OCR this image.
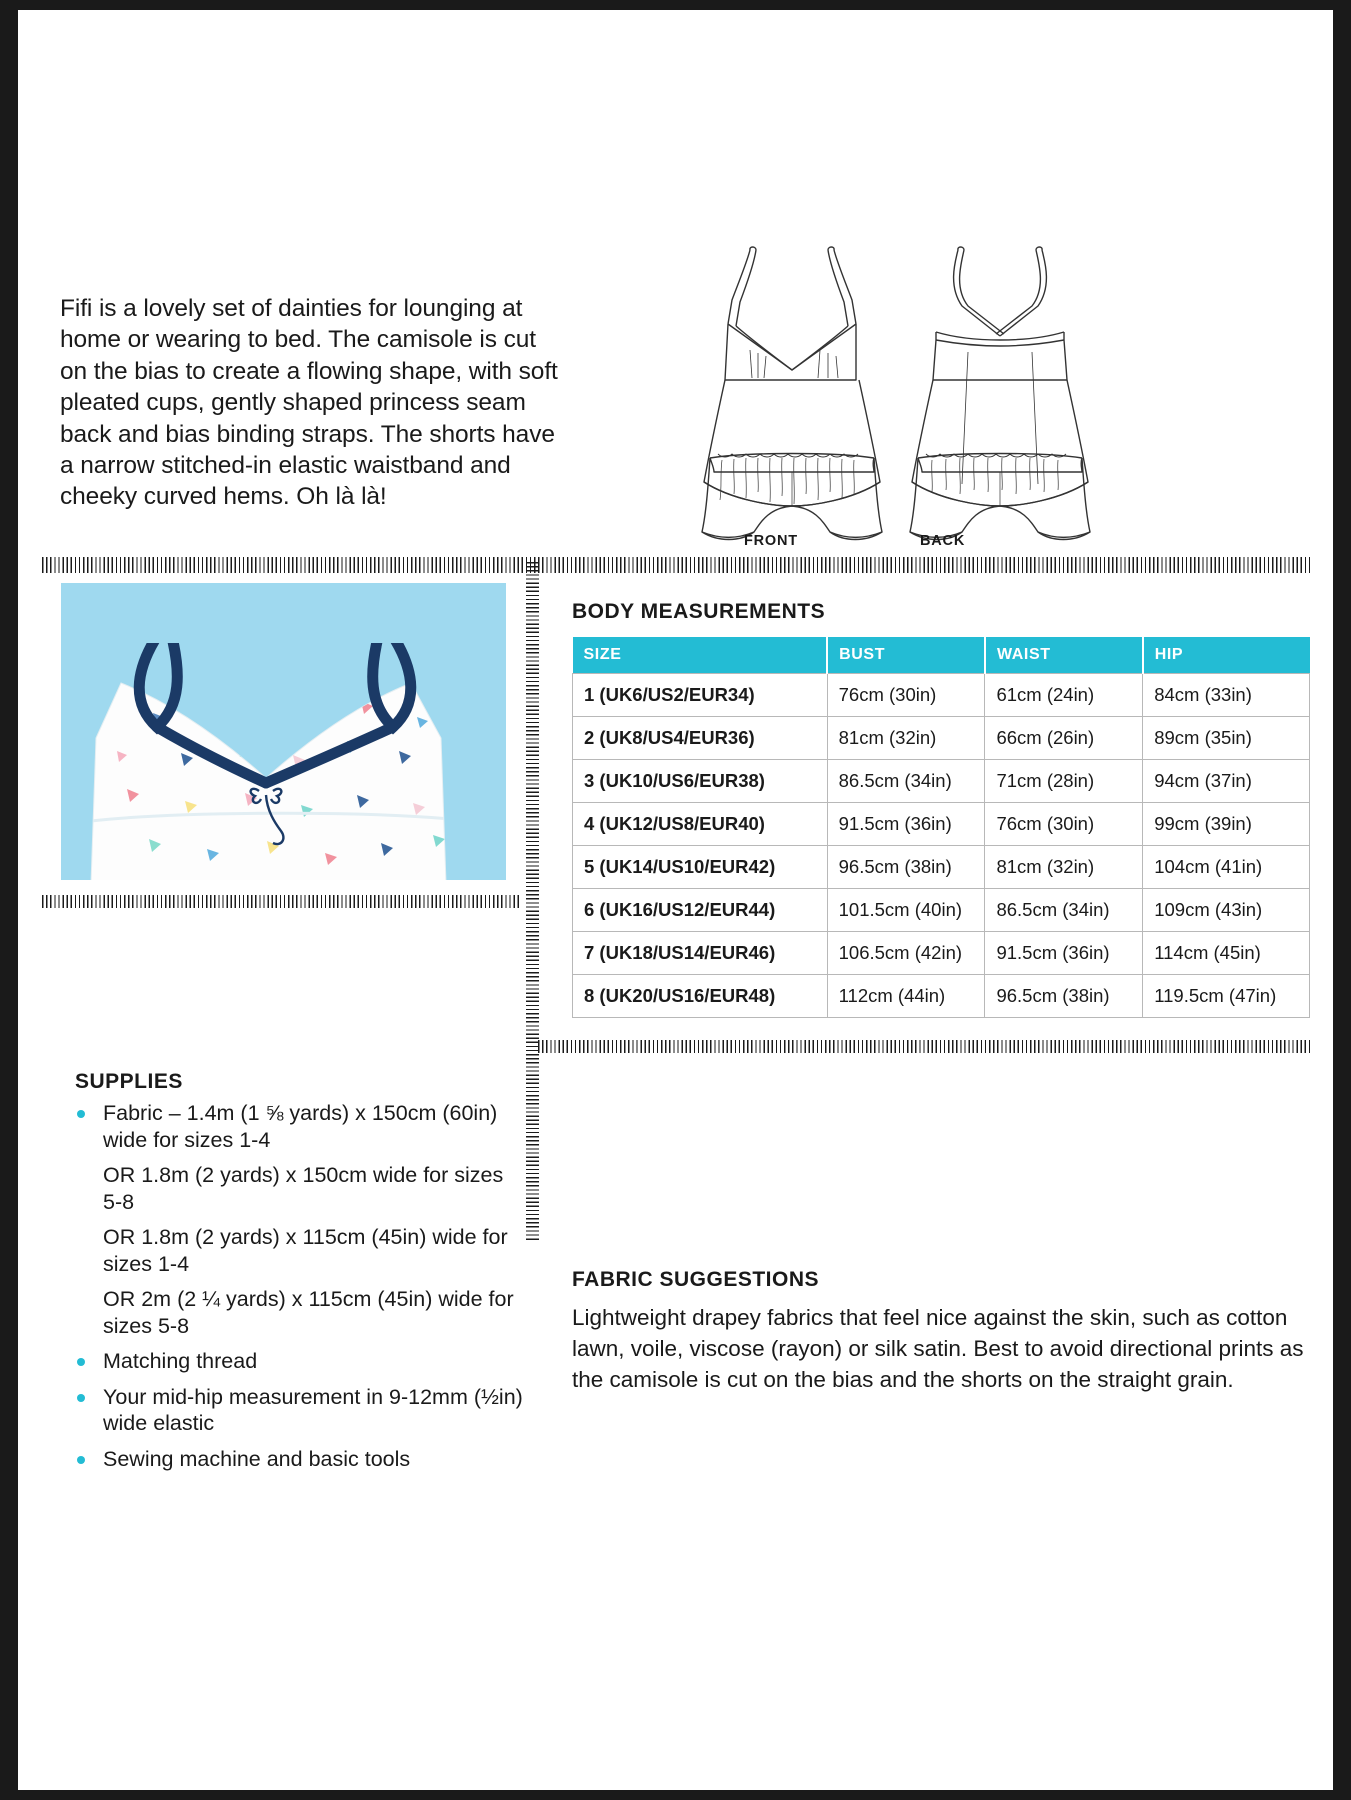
Fifi is a lovely set of dainties for lounging at home or wearing to bed. The camisole is cut on the bias to create a flowing shape, with soft pleated cups, gently shaped princess seam back and bias binding straps. The shorts have a narrow stitched-in elastic waistband and cheeky curved hems. Oh là là!

FRONT	BACK
SUPPLIES
Fabric – 1.4m (1 ⅝ yards) x 150cm (60in) wide for sizes 1-4
OR 1.8m (2 yards) x 150cm wide for sizes 5-8
OR 1.8m (2 yards) x 115cm (45in) wide for sizes 1-4
OR 2m (2 ¼ yards) x 115cm (45in) wide for sizes 5-8
Matching thread
Your mid-hip measurement in 9-12mm (½in) wide elastic
Sewing machine and basic tools
BODY MEASUREMENTS
SIZE	BUST	WAIST	HIP
1 (UK6/US2/EUR34)	76cm (30in)	61cm (24in)	84cm (33in)
2 (UK8/US4/EUR36)	81cm (32in)	66cm (26in)	89cm (35in)
3 (UK10/US6/EUR38)	86.5cm (34in)	71cm (28in)	94cm (37in)
4 (UK12/US8/EUR40)	91.5cm (36in)	76cm (30in)	99cm (39in)
5 (UK14/US10/EUR42)	96.5cm (38in)	81cm (32in)	104cm (41in)
6 (UK16/US12/EUR44)	101.5cm (40in)	86.5cm (34in)	109cm (43in)
7 (UK18/US14/EUR46)	106.5cm (42in)	91.5cm (36in)	114cm (45in)
8 (UK20/US16/EUR48)	112cm (44in)	96.5cm (38in)	119.5cm (47in)
FABRIC SUGGESTIONS

Lightweight drapey fabrics that feel nice against the skin, such as cotton lawn, voile, viscose (rayon) or silk satin. Best to avoid directional prints as the camisole is cut on the bias and the shorts on the straight grain.
